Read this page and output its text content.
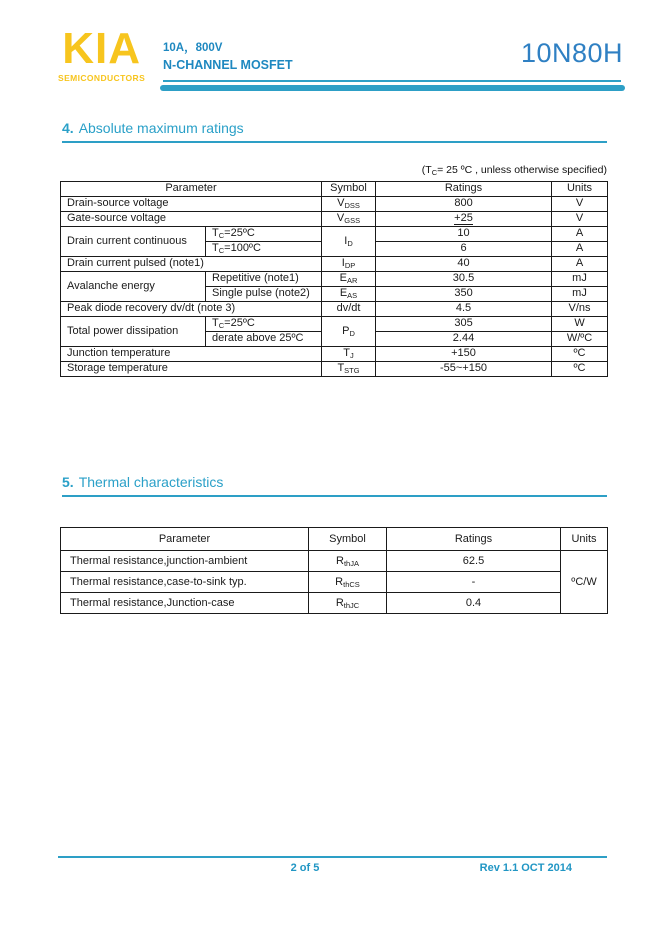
KIA
SEMICONDUCTORS
10A，800V
N-CHANNEL MOSFET	10N80H
4. Absolute maximum ratings
($T_C= 25$ ºC , unless otherwise specified)
Parameter		Symbol	Ratings	Units
Drain-source voltage		$V_{DSS}$	800	V
Gate-source voltage		$V_{GSS}$	+25	V
Drain current continuous	$T_C=25ºC$	$I_D$	10	A
	$T_C=100ºC$		6	A
Drain current pulsed (note1)		$I_{DP}$	40	A
Avalanche energy	Repetitive (note1)	$E_{AR}$	30.5	mJ
	Single pulse (note2)	$E_{AS}$	350	mJ
Peak diode recovery dv/dt (note 3)		dv/dt	4.5	V/ns
Total power dissipation	$T_C=25ºC$	$P_D$	305	W
	derate above 25ºC		2.44	W/ºC
Junction temperature		$T_J$	+150	ºC
Storage temperature		$T_{STG}$	-55~+150	ºC
5. Thermal characteristics
Parameter	Symbol	Ratings	Units
Thermal resistance,junction-ambient	$R_{thJA}$	62.5	ºC/W
Thermal resistance,case-to-sink typ.	$R_{thCS}$	-	
Thermal resistance,Junction-case	$R_{thJC}$	0.4	
2 of 5	Rev 1.1 OCT 2014
